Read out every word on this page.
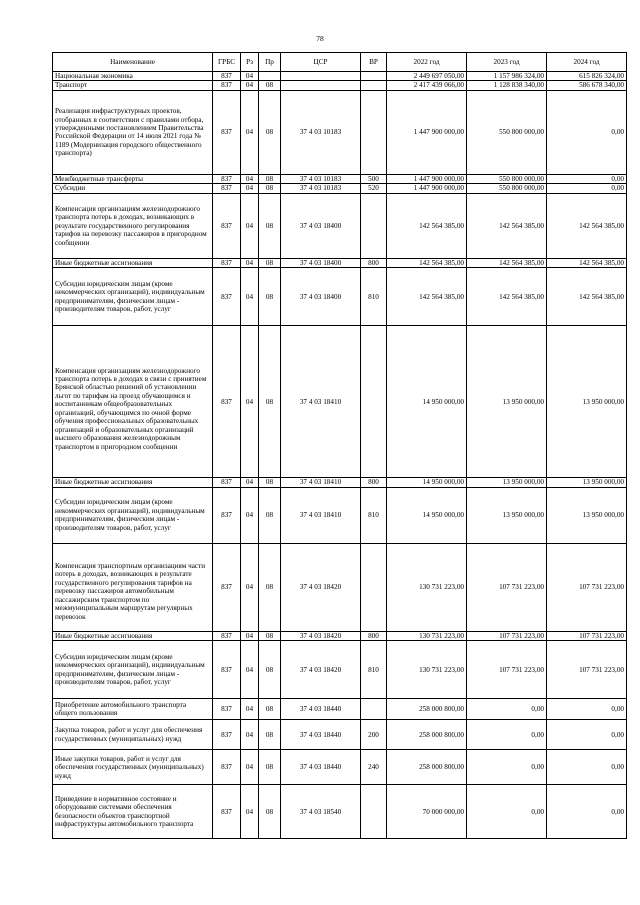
78
Наименование	ГРБС	Рз	Пр	ЦСР	ВР	2022 год	2023 год	2024 год
Национальная экономика	837	04				2 449 697 050,00	1 157 986 324,00	615 826 324,00
Транспорт	837	04	08			2 417 439 066,00	1 128 838 340,00	586 678 340,00
Реализация инфраструктурных проектов, отобранных в соответствии с правилами отбора, утвержденными постановлением Правительства Российской Федерации от 14 июля 2021 года № 1189 (Модернизация городского общественного транспорта)	837	04	08	37 4 03 10183		1 447 900 000,00	550 800 000,00	0,00
Межбюджетные трансферты	837	04	08	37 4 03 10183	500	1 447 900 000,00	550 800 000,00	0,00
Субсидии	837	04	08	37 4 03 10183	520	1 447 900 000,00	550 800 000,00	0,00
Компенсация организациям железнодорожного транспорта потерь в доходах, возникающих в результате государственного регулирования тарифов на перевозку пассажиров в пригородном сообщении	837	04	08	37 4 03 18400		142 564 385,00	142 564 385,00	142 564 385,00
Иные бюджетные ассигнования	837	04	08	37 4 03 18400	800	142 564 385,00	142 564 385,00	142 564 385,00
Субсидии юридическим лицам (кроме некоммерческих организаций), индивидуальным предпринимателям, физическим лицам - производителям товаров, работ, услуг	837	04	08	37 4 03 18400	810	142 564 385,00	142 564 385,00	142 564 385,00
Компенсация организациям железнодорожного транспорта потерь в доходах в связи с принятием Брянской областью решений об установлении льгот по тарифам на проезд обучающимся и воспитанникам общеобразовательных организаций, обучающимся по очной форме обучения профессиональных образовательных организаций и образовательных организаций высшего образования железнодорожным транспортом в пригородном сообщении	837	04	08	37 4 03 18410		14 950 000,00	13 950 000,00	13 950 000,00
Иные бюджетные ассигнования	837	04	08	37 4 03 18410	800	14 950 000,00	13 950 000,00	13 950 000,00
Субсидии юридическим лицам (кроме некоммерческих организаций), индивидуальным предпринимателям, физическим лицам - производителям товаров, работ, услуг	837	04	08	37 4 03 18410	810	14 950 000,00	13 950 000,00	13 950 000,00
Компенсация транспортным организациям части потерь в доходах, возникающих в результате государственного регулирования тарифов на перевозку пассажиров автомобильным пассажирским транспортом по межмуниципальным маршрутам регулярных перевозок	837	04	08	37 4 03 18420		130 731 223,00	107 731 223,00	107 731 223,00
Иные бюджетные ассигнования	837	04	08	37 4 03 18420	800	130 731 223,00	107 731 223,00	107 731 223,00
Субсидии юридическим лицам (кроме некоммерческих организаций), индивидуальным предпринимателям, физическим лицам - производителям товаров, работ, услуг	837	04	08	37 4 03 18420	810	130 731 223,00	107 731 223,00	107 731 223,00
Приобретение автомобильного транспорта общего пользования	837	04	08	37 4 03 18440		258 000 800,00	0,00	0,00
Закупка товаров, работ и услуг для обеспечения государственных (муниципальных) нужд	837	04	08	37 4 03 18440	200	258 000 800,00	0,00	0,00
Иные закупки товаров, работ и услуг для обеспечения государственных (муниципальных) нужд	837	04	08	37 4 03 18440	240	258 000 800,00	0,00	0,00
Приведение в нормативное состояние и оборудование системами обеспечения безопасности объектов транспортной инфраструктуры автомобильного транспорта	837	04	08	37 4 03 18540		70 000 000,00	0,00	0,00
